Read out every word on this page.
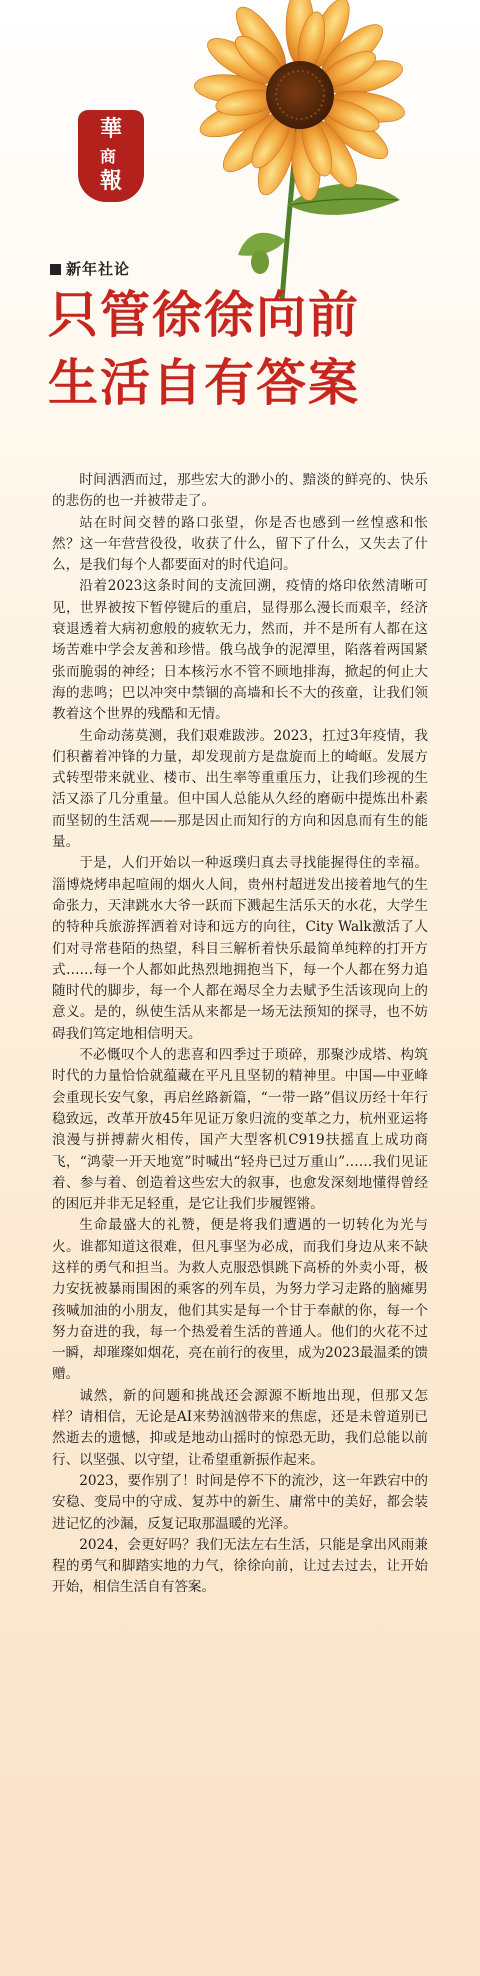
華
商
報
新年社论
只管徐徐向前
生活自有答案

时间洒洒而过，那些宏大的渺小的、黯淡的鲜亮的、快乐的悲伤的也一并被带走了。

站在时间交替的路口张望，你是否也感到一丝惶惑和怅然？这一年营营役役，收获了什么，留下了什么，又失去了什么，是我们每个人都要面对的时代追问。

沿着2023这条时间的支流回溯，疫情的烙印依然清晰可见，世界被按下暂停键后的重启，显得那么漫长而艰辛，经济衰退透着大病初愈般的疲软无力，然而，并不是所有人都在这场苦难中学会友善和珍惜。俄乌战争的泥潭里，陷落着两国紧张而脆弱的神经；日本核污水不管不顾地排海，掀起的何止大海的悲鸣；巴以冲突中禁锢的高墙和长不大的孩童，让我们领教着这个世界的残酷和无情。

生命动荡莫测，我们艰难跋涉。2023，扛过3年疫情，我们积蓄着冲锋的力量，却发现前方是盘旋而上的崎岖。发展方式转型带来就业、楼市、出生率等重重压力，让我们珍视的生活又添了几分重量。但中国人总能从久经的磨砺中提炼出朴素而坚韧的生活观——那是因止而知行的方向和因息而有生的能量。

于是，人们开始以一种返璞归真去寻找能握得住的幸福。淄博烧烤串起喧闹的烟火人间，贵州村超迸发出接着地气的生命张力，天津跳水大爷一跃而下溅起生活乐天的水花，大学生的特种兵旅游挥洒着对诗和远方的向往，City Walk激活了人们对寻常巷陌的热望，科目三解析着快乐最简单纯粹的打开方式……每一个人都如此热烈地拥抱当下，每一个人都在努力追随时代的脚步，每一个人都在竭尽全力去赋予生活该现向上的意义。是的，纵使生活从来都是一场无法预知的探寻，也不妨碍我们笃定地相信明天。

不必慨叹个人的悲喜和四季过于琐碎，那聚沙成塔、构筑时代的力量恰恰就蕴藏在平凡且坚韧的精神里。中国—中亚峰会重现长安气象，再启丝路新篇，“一带一路”倡议历经十年行稳致远，改革开放45年见证万象归流的变革之力，杭州亚运将浪漫与拼搏薪火相传，国产大型客机C919扶摇直上成功商飞，“鸿蒙一开天地宽”时喊出“轻舟已过万重山”……我们见证着、参与着、创造着这些宏大的叙事，也愈发深刻地懂得曾经的困厄并非无足轻重，是它让我们步履铿锵。

生命最盛大的礼赞，便是将我们遭遇的一切转化为光与火。谁都知道这很难，但凡事坚为必成，而我们身边从来不缺这样的勇气和担当。为救人克服恐惧跳下高桥的外卖小哥，极力安抚被暴雨围困的乘客的列车员，为努力学习走路的脑瘫男孩喊加油的小朋友，他们其实是每一个甘于奉献的你，每一个努力奋进的我，每一个热爱着生活的普通人。他们的火花不过一瞬，却璀璨如烟花，亮在前行的夜里，成为2023最温柔的馈赠。

诚然，新的问题和挑战还会源源不断地出现，但那又怎样？请相信，无论是AI来势汹汹带来的焦虑，还是未曾道别已然逝去的遗憾，抑或是地动山摇时的惊恐无助，我们总能以前行、以坚强、以守望，让希望重新振作起来。

2023，要作别了！时间是停不下的流沙，这一年跌宕中的安稳、变局中的守成、复苏中的新生、庸常中的美好，都会装进记忆的沙漏，反复记取那温暖的光泽。

2024，会更好吗？我们无法左右生活，只能是拿出风雨兼程的勇气和脚踏实地的力气，徐徐向前，让过去过去，让开始开始，相信生活自有答案。
